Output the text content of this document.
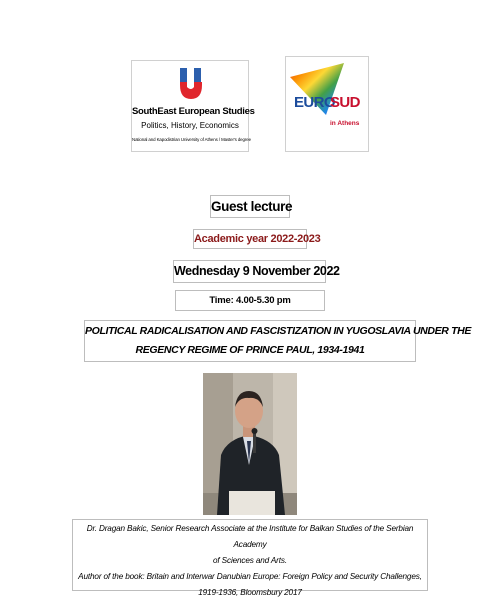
SouthEast European Studies
Politics, History, Economics
National and Kapodistrian University of Athens / Master's degree
EURO
SUD
in Athens
Guest lecture
Academic year 2022-2023
Wednesday 9 November 2022
Time: 4.00-5.30 pm
POLITICAL RADICALISATION AND FASCISTIZATION IN YUGOSLAVIA UNDER THE
REGENCY REGIME OF PRINCE PAUL, 1934-1941
Dr. Dragan Bakic, Senior Research Associate at the Institute for Balkan Studies of the Serbian Academy
of Sciences and Arts.
Author of the book: Britain and Interwar Danubian Europe: Foreign Policy and Security Challenges,
1919-1936, Bloomsbury 2017
